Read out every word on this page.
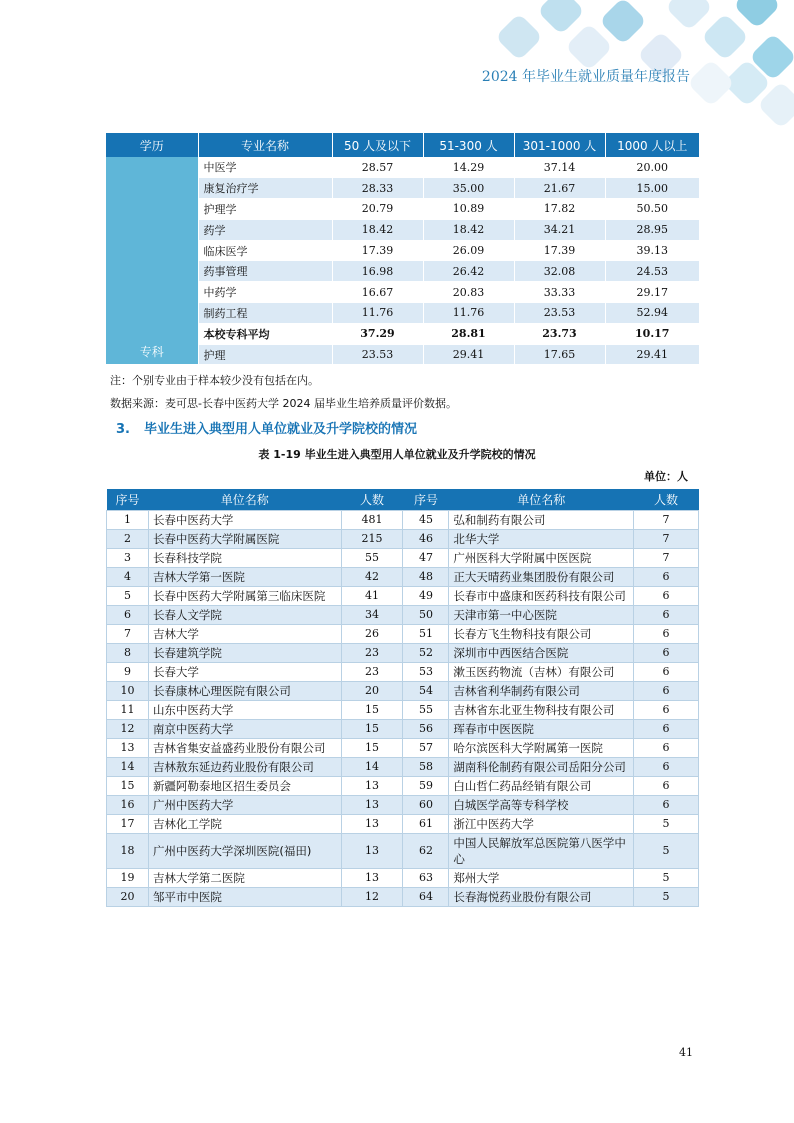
2024 年毕业生就业质量年度报告
学历	专业名称	50 人及以下	51-300 人	301-1000 人	1000 人以上
专科	中医学	28.57	14.29	37.14	20.00
	康复治疗学	28.33	35.00	21.67	15.00
	护理学	20.79	10.89	17.82	50.50
	药学	18.42	18.42	34.21	28.95
	临床医学	17.39	26.09	17.39	39.13
	药事管理	16.98	26.42	32.08	24.53
	中药学	16.67	20.83	33.33	29.17
	制药工程	11.76	11.76	23.53	52.94
	本校专科平均	37.29	28.81	23.73	10.17
	护理	23.53	29.41	17.65	29.41
注：个别专业由于样本较少没有包括在内。
数据来源：麦可思-长春中医药大学 2024 届毕业生培养质量评价数据。
3. 毕业生进入典型用人单位就业及升学院校的情况
表 1-19 毕业生进入典型用人单位就业及升学院校的情况
单位：人
序号	单位名称	人数	序号	单位名称	人数
1	长春中医药大学	481	45	弘和制药有限公司	7
2	长春中医药大学附属医院	215	46	北华大学	7
3	长春科技学院	55	47	广州医科大学附属中医医院	7
4	吉林大学第一医院	42	48	正大天晴药业集团股份有限公司	6
5	长春中医药大学附属第三临床医院	41	49	长春市中盛康和医药科技有限公司	6
6	长春人文学院	34	50	天津市第一中心医院	6
7	吉林大学	26	51	长春方飞生物科技有限公司	6
8	长春建筑学院	23	52	深圳市中西医结合医院	6
9	长春大学	23	53	漱玉医药物流（吉林）有限公司	6
10	长春康林心理医院有限公司	20	54	吉林省利华制药有限公司	6
11	山东中医药大学	15	55	吉林省东北亚生物科技有限公司	6
12	南京中医药大学	15	56	珲春市中医医院	6
13	吉林省集安益盛药业股份有限公司	15	57	哈尔滨医科大学附属第一医院	6
14	吉林敖东延边药业股份有限公司	14	58	湖南科伦制药有限公司岳阳分公司	6
15	新疆阿勒泰地区招生委员会	13	59	白山哲仁药品经销有限公司	6
16	广州中医药大学	13	60	白城医学高等专科学校	6
17	吉林化工学院	13	61	浙江中医药大学	5
18	广州中医药大学深圳医院(福田)	13	62	中国人民解放军总医院第八医学中心	5
19	吉林大学第二医院	13	63	郑州大学	5
20	邹平市中医院	12	64	长春海悦药业股份有限公司	5
41
